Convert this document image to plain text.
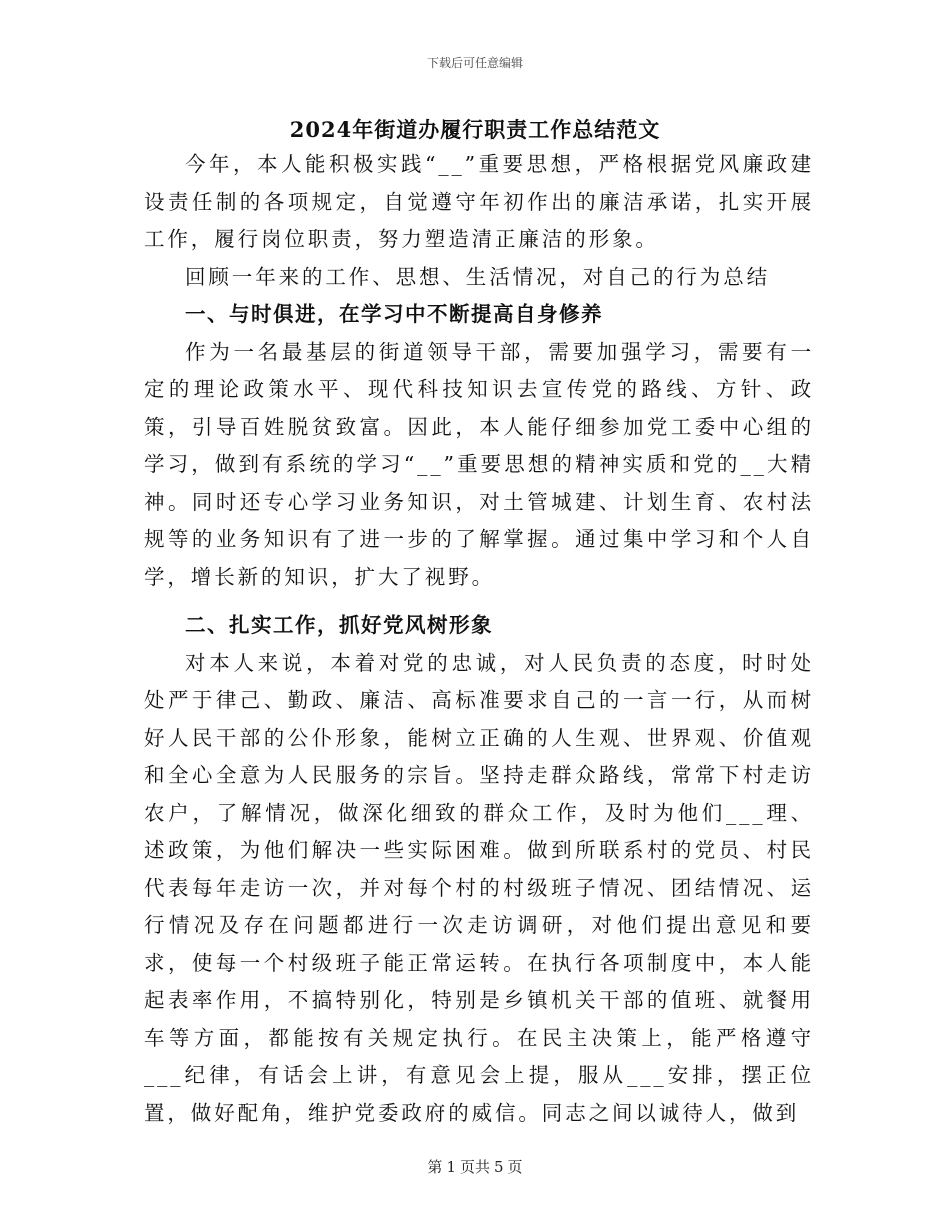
下载后可任意编辑
2024年街道办履行职责工作总结范文

今年，本人能积极实践“__”重要思想，严格根据党风廉政建设责任制的各项规定，自觉遵守年初作出的廉洁承诺，扎实开展工作，履行岗位职责，努力塑造清正廉洁的形象。

回顾一年来的工作、思想、生活情况，对自己的行为总结

一、与时俱进，在学习中不断提高自身修养

作为一名最基层的街道领导干部，需要加强学习，需要有一定的理论政策水平、现代科技知识去宣传党的路线、方针、政策，引导百姓脱贫致富。因此，本人能仔细参加党工委中心组的学习，做到有系统的学习“__”重要思想的精神实质和党的__大精神。同时还专心学习业务知识，对土管城建、计划生育、农村法规等的业务知识有了进一步的了解掌握。通过集中学习和个人自学，增长新的知识，扩大了视野。

二、扎实工作，抓好党风树形象

对本人来说，本着对党的忠诚，对人民负责的态度，时时处处严于律己、勤政、廉洁、高标准要求自己的一言一行，从而树好人民干部的公仆形象，能树立正确的人生观、世界观、价值观和全心全意为人民服务的宗旨。坚持走群众路线，常常下村走访农户，了解情况，做深化细致的群众工作，及时为他们___理、述政策，为他们解决一些实际困难。做到所联系村的党员、村民代表每年走访一次，并对每个村的村级班子情况、团结情况、运行情况及存在问题都进行一次走访调研，对他们提出意见和要求，使每一个村级班子能正常运转。在执行各项制度中，本人能起表率作用，不搞特别化，特别是乡镇机关干部的值班、就餐用车等方面，都能按有关规定执行。在民主决策上，能严格遵守___纪律，有话会上讲，有意见会上提，服从___安排，摆正位置，做好配角，维护党委政府的威信。同志之间以诚待人，做到

第 1 页共 5 页
